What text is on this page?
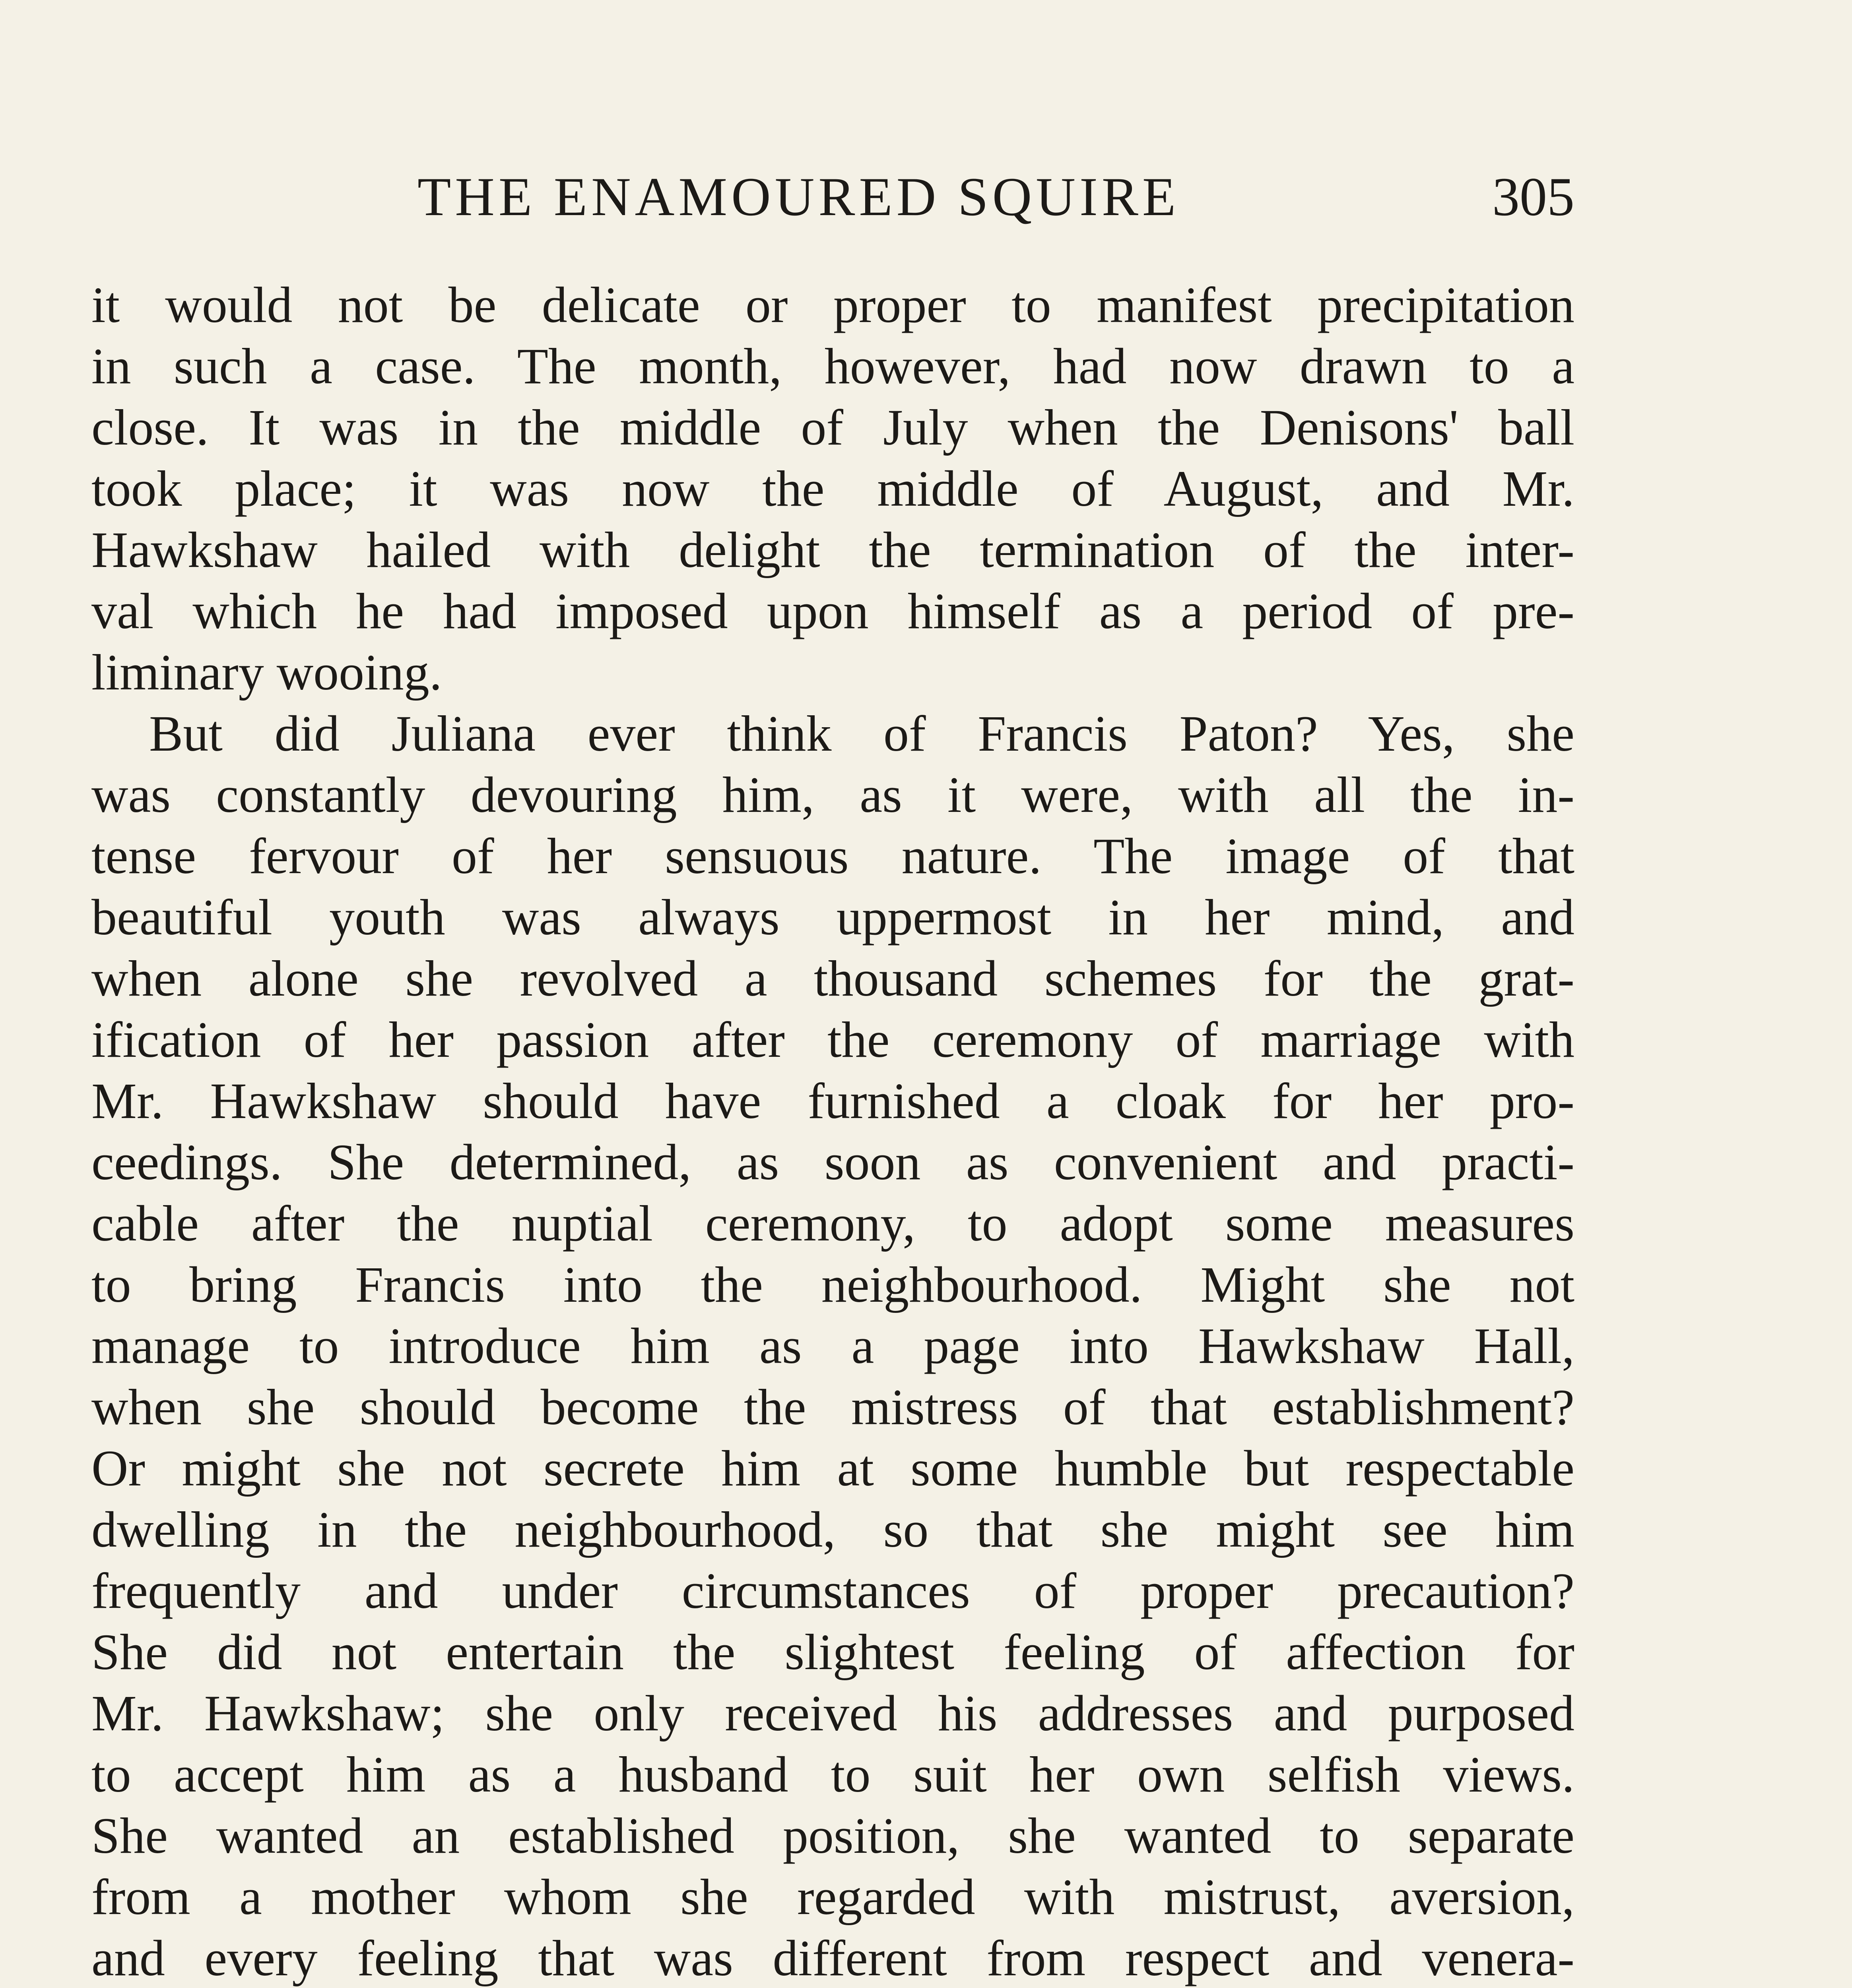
THE ENAMOURED SQUIRE	305
it would not be delicate or proper to manifest precipitation
in such a case. The month, however, had now drawn to a
close. It was in the middle of July when the Denisons' ball
took place; it was now the middle of August, and Mr.
Hawkshaw hailed with delight the termination of the inter-
val which he had imposed upon himself as a period of pre-
liminary wooing.
But did Juliana ever think of Francis Paton? Yes, she
was constantly devouring him, as it were, with all the in-
tense fervour of her sensuous nature. The image of that
beautiful youth was always uppermost in her mind, and
when alone she revolved a thousand schemes for the grat-
ification of her passion after the ceremony of marriage with
Mr. Hawkshaw should have furnished a cloak for her pro-
ceedings. She determined, as soon as convenient and practi-
cable after the nuptial ceremony, to adopt some measures
to bring Francis into the neighbourhood. Might she not
manage to introduce him as a page into Hawkshaw Hall,
when she should become the mistress of that establishment?
Or might she not secrete him at some humble but respectable
dwelling in the neighbourhood, so that she might see him
frequently and under circumstances of proper precaution?
She did not entertain the slightest feeling of affection for
Mr. Hawkshaw; she only received his addresses and purposed
to accept him as a husband to suit her own selfish views.
She wanted an established position, she wanted to separate
from a mother whom she regarded with mistrust, aversion,
and every feeling that was different from respect and venera-
